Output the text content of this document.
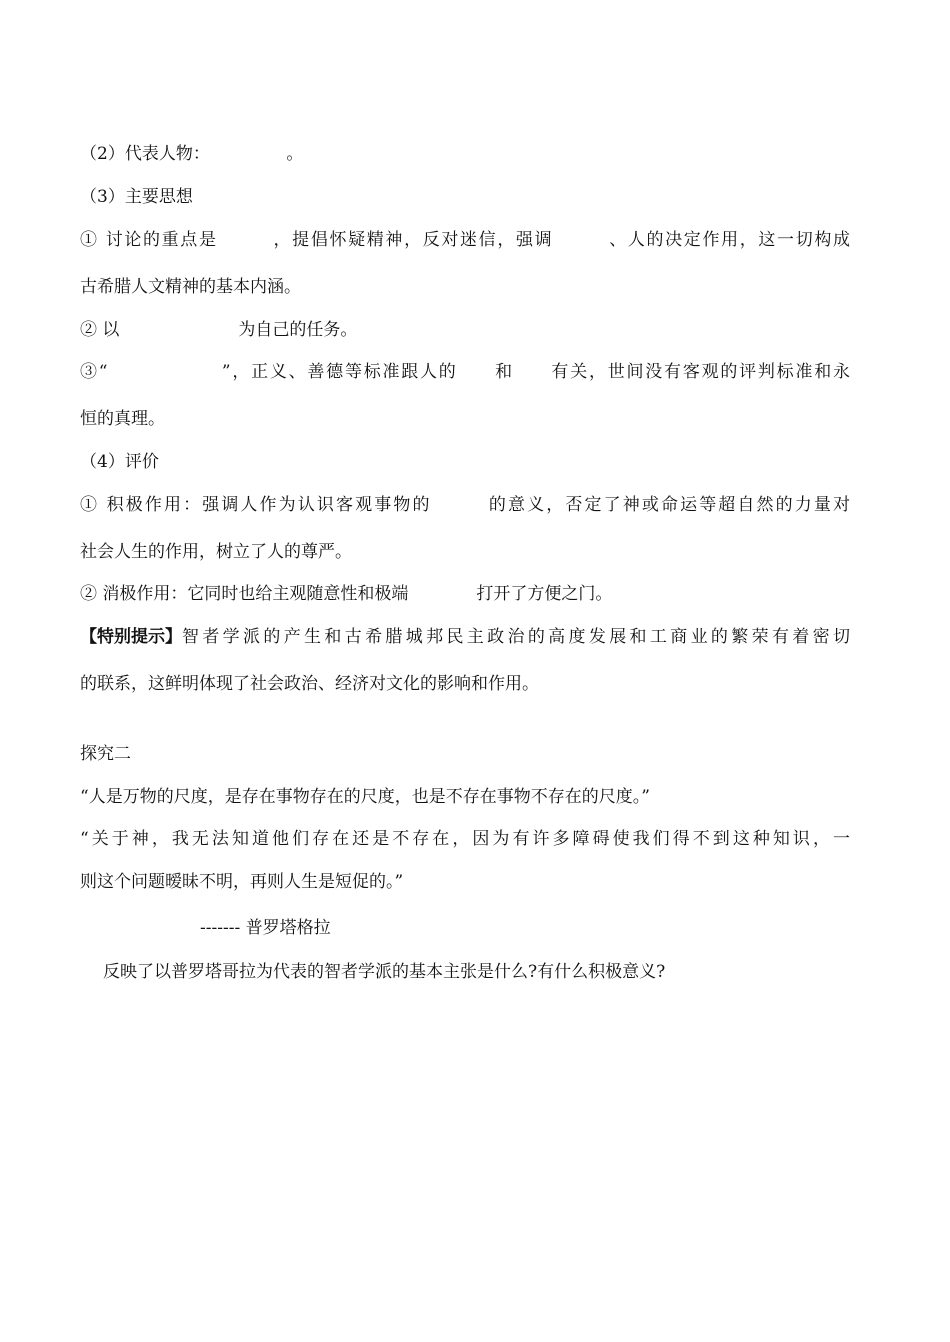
（2）代表人物：　　　　　。
（3）主要思想
① 讨论的重点是　　　，提倡怀疑精神，反对迷信，强调　　　、人的决定作用，这一切构成
古希腊人文精神的基本内涵。
② 以　　　　　　　为自己的任务。
③“　　　　　　”，正义、善德等标准跟人的　　和　　有关，世间没有客观的评判标准和永
恒的真理。
（4）评价
① 积极作用：强调人作为认识客观事物的　　　的意义，否定了神或命运等超自然的力量对
社会人生的作用，树立了人的尊严。
② 消极作用：它同时也给主观随意性和极端　　　　打开了方便之门。
【特别提示】 智者学派的产生和古希腊城邦民主政治的高度发展和工商业的繁荣有着密切
的联系，这鲜明体现了社会政治、经济对文化的影响和作用。
探究二
“人是万物的尺度，是存在事物存在的尺度，也是不存在事物不存在的尺度。”
“关于神，我无法知道他们存在还是不存在，因为有许多障碍使我们得不到这种知识，一
则这个问题暧昧不明，再则人生是短促的。”
------- 普罗塔格拉
反映了以普罗塔哥拉为代表的智者学派的基本主张是什么?有什么积极意义?
